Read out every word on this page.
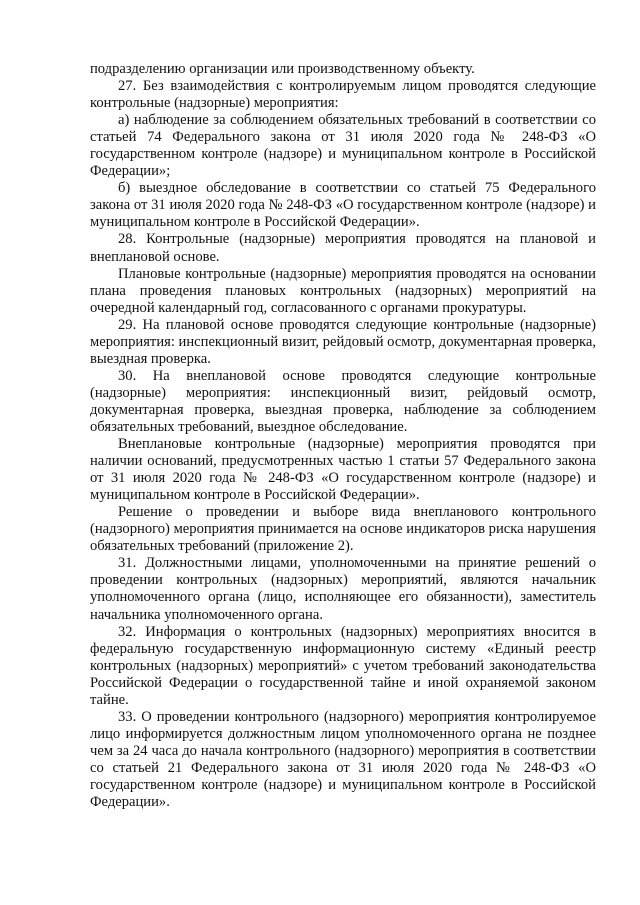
подразделению организации или производственному объекту.

27. Без взаимодействия с контролируемым лицом проводятся следующие контрольные (надзорные) мероприятия:

а) наблюдение за соблюдением обязательных требований в соответствии со статьей 74 Федерального закона от 31 июля 2020 года № 248-ФЗ «О государственном контроле (надзоре) и муниципальном контроле в Российской Федерации»;

б) выездное обследование в соответствии со статьей 75 Федерального закона от 31 июля 2020 года № 248-ФЗ «О государственном контроле (надзоре) и муниципальном контроле в Российской Федерации».

28. Контрольные (надзорные) мероприятия проводятся на плановой и внеплановой основе.

Плановые контрольные (надзорные) мероприятия проводятся на основании плана проведения плановых контрольных (надзорных) мероприятий на очередной календарный год, согласованного с органами прокуратуры.

29. На плановой основе проводятся следующие контрольные (надзорные) мероприятия: инспекционный визит, рейдовый осмотр, документарная проверка, выездная проверка.

30. На внеплановой основе проводятся следующие контрольные (надзорные) мероприятия: инспекционный визит, рейдовый осмотр, документарная проверка, выездная проверка, наблюдение за соблюдением обязательных требований, выездное обследование.

Внеплановые контрольные (надзорные) мероприятия проводятся при наличии оснований, предусмотренных частью 1 статьи 57 Федерального закона от 31 июля 2020 года № 248-ФЗ «О государственном контроле (надзоре) и муниципальном контроле в Российской Федерации».

Решение о проведении и выборе вида внепланового контрольного (надзорного) мероприятия принимается на основе индикаторов риска нарушения обязательных требований (приложение 2).

31. Должностными лицами, уполномоченными на принятие решений о проведении контрольных (надзорных) мероприятий, являются начальник уполномоченного органа (лицо, исполняющее его обязанности), заместитель начальника уполномоченного органа.

32. Информация о контрольных (надзорных) мероприятиях вносится в федеральную государственную информационную систему «Единый реестр контрольных (надзорных) мероприятий» с учетом требований законодательства Российской Федерации о государственной тайне и иной охраняемой законом тайне.

33. О проведении контрольного (надзорного) мероприятия контролируемое лицо информируется должностным лицом уполномоченного органа не позднее чем за 24 часа до начала контрольного (надзорного) мероприятия в соответствии со статьей 21 Федерального закона от 31 июля 2020 года № 248-ФЗ «О государственном контроле (надзоре) и муниципальном контроле в Российской Федерации».
